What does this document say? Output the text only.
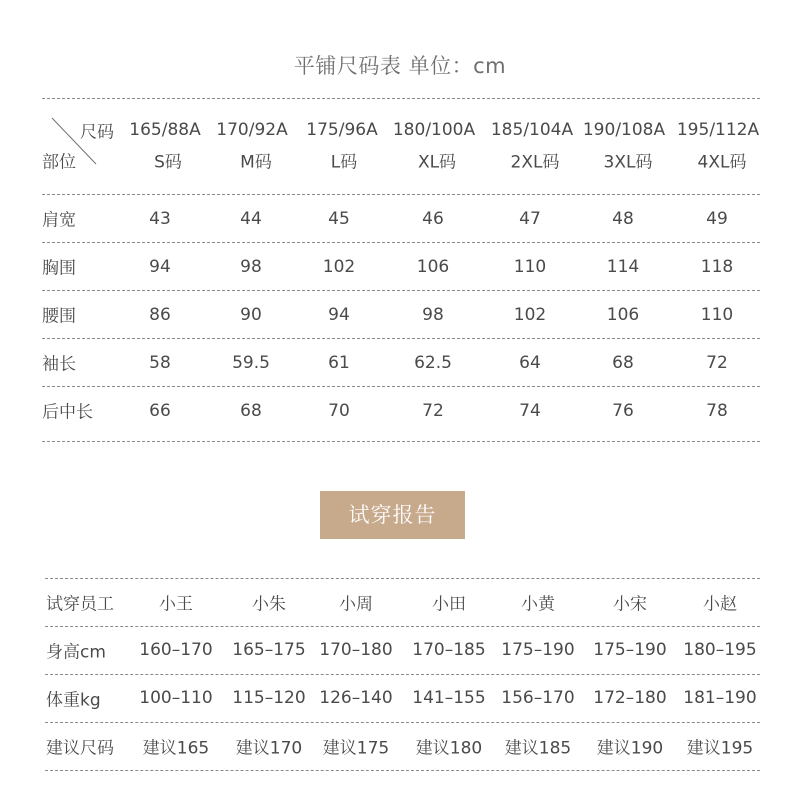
平铺尺码表 单位：cm
尺码
部位
165/88A 170/92A 175/96A 180/100A 185/104A 190/108A 195/112A
S码	M码	L码	XL码	2XL码	3XL码	4XL码
肩宽	43	44	45	46	47	48	49
胸围	94	98	102	106	110	114	118
腰围	86	90	94	98	102	106	110
袖长	58	59.5	61	62.5	64	68	72
后中长	66	68	70	72	74	76	78
试穿报告
试穿员工	小王	小朱	小周	小田	小黄	小宋	小赵
身高cm 160–170 165–175 170–180 170–185 175–190 175–190 180–195
体重kg 100–110 115–120 126–140 141–155 156–170 172–180 181–190
建议尺码 建议165 建议170 建议175 建议180 建议185 建议190 建议195
